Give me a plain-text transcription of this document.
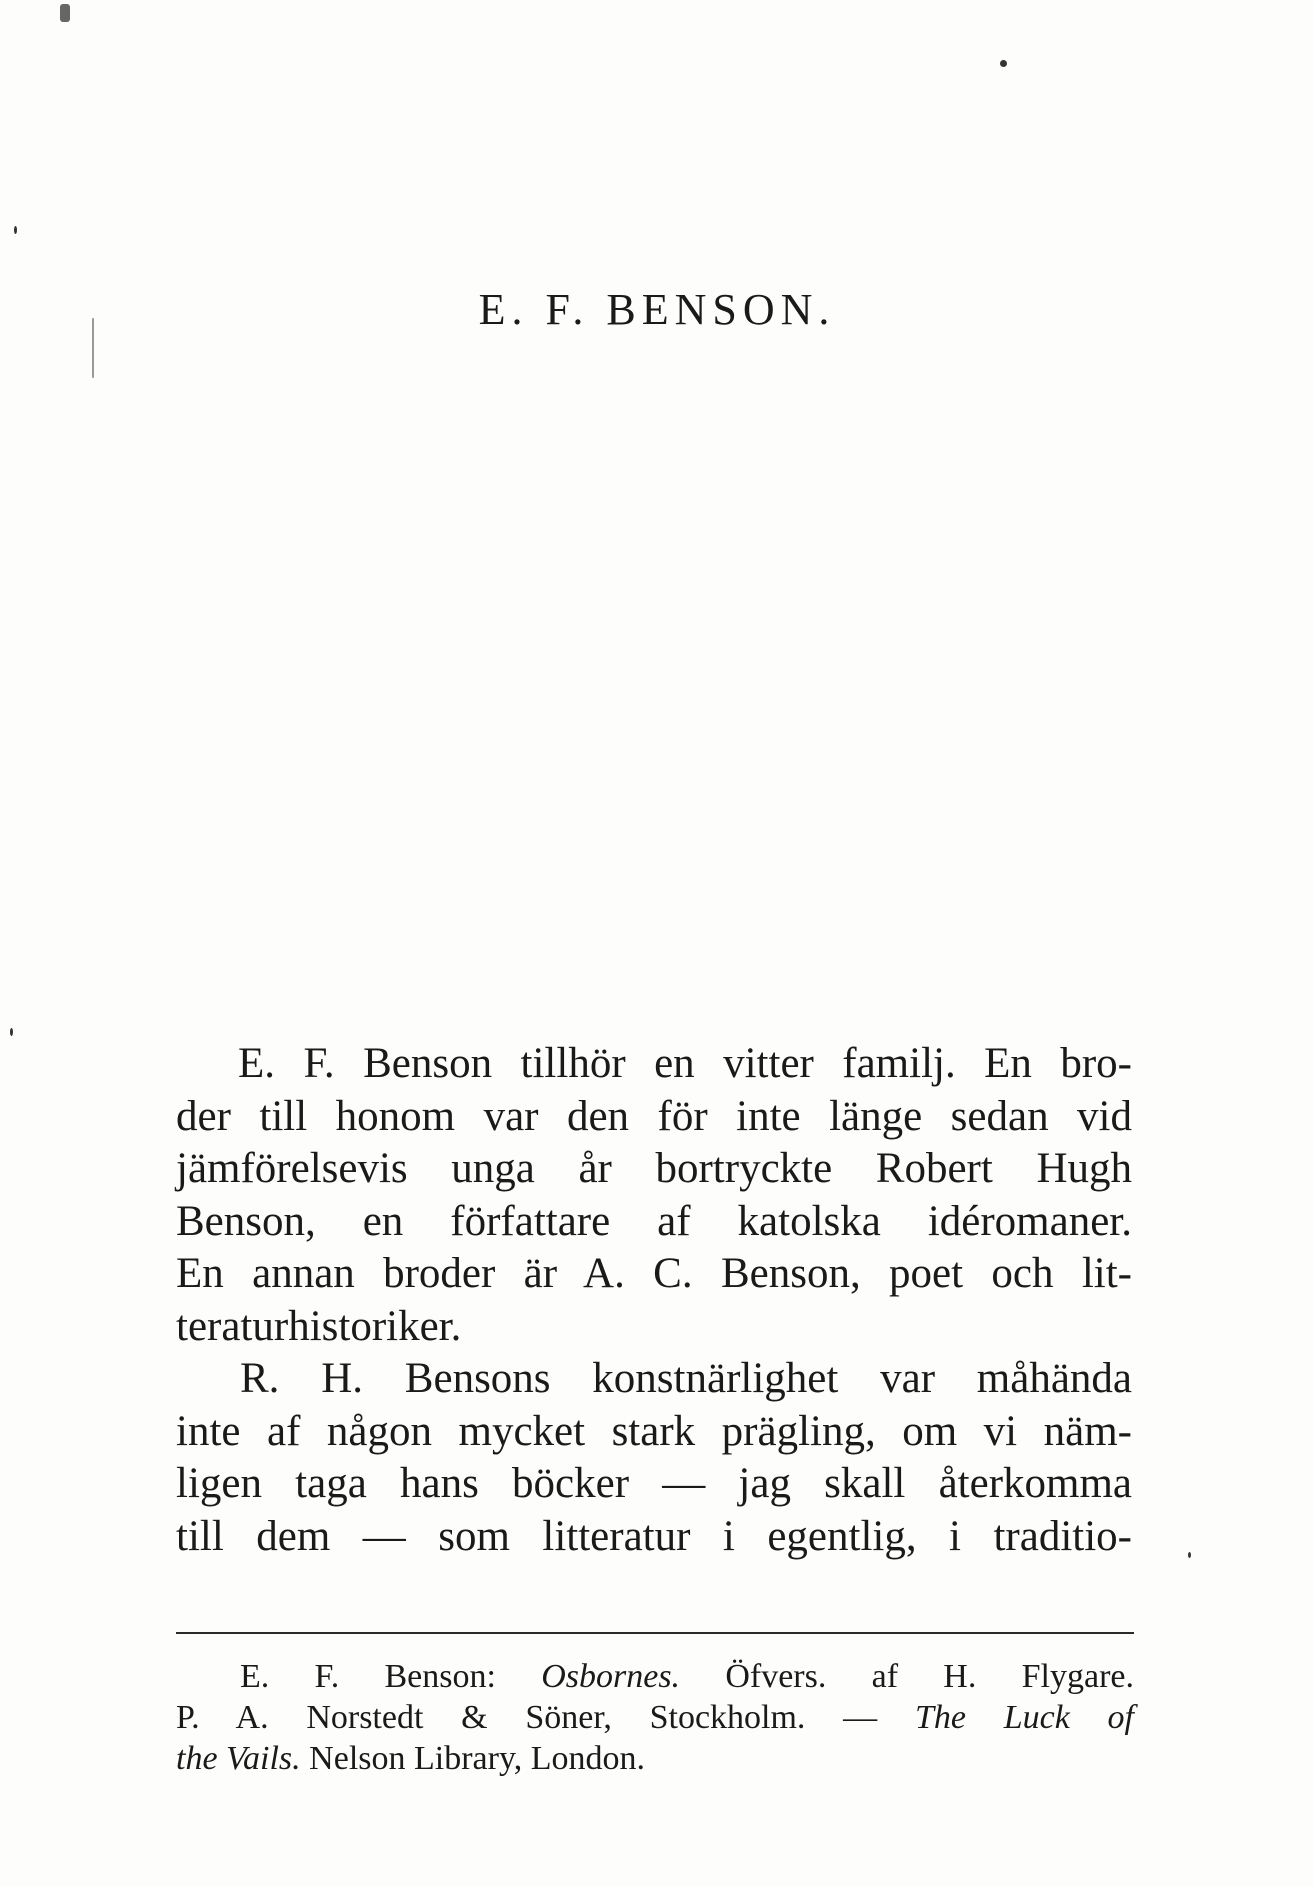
E. F. BENSON.
E. F. Benson tillhör en vitter familj. En bro-
der till honom var den för inte länge sedan vid
jämförelsevis unga år bortryckte Robert Hugh
Benson, en författare af katolska idéromaner.
En annan broder är A. C. Benson, poet och lit-
teraturhistoriker.
R. H. Bensons konstnärlighet var måhända
inte af någon mycket stark prägling, om vi näm-
ligen taga hans böcker — jag skall återkomma
till dem — som litteratur i egentlig, i traditio-
E. F. Benson: Osbornes. Öfvers. af H. Flygare.
P. A. Norstedt & Söner, Stockholm. — The Luck of
the Vails. Nelson Library, London.
